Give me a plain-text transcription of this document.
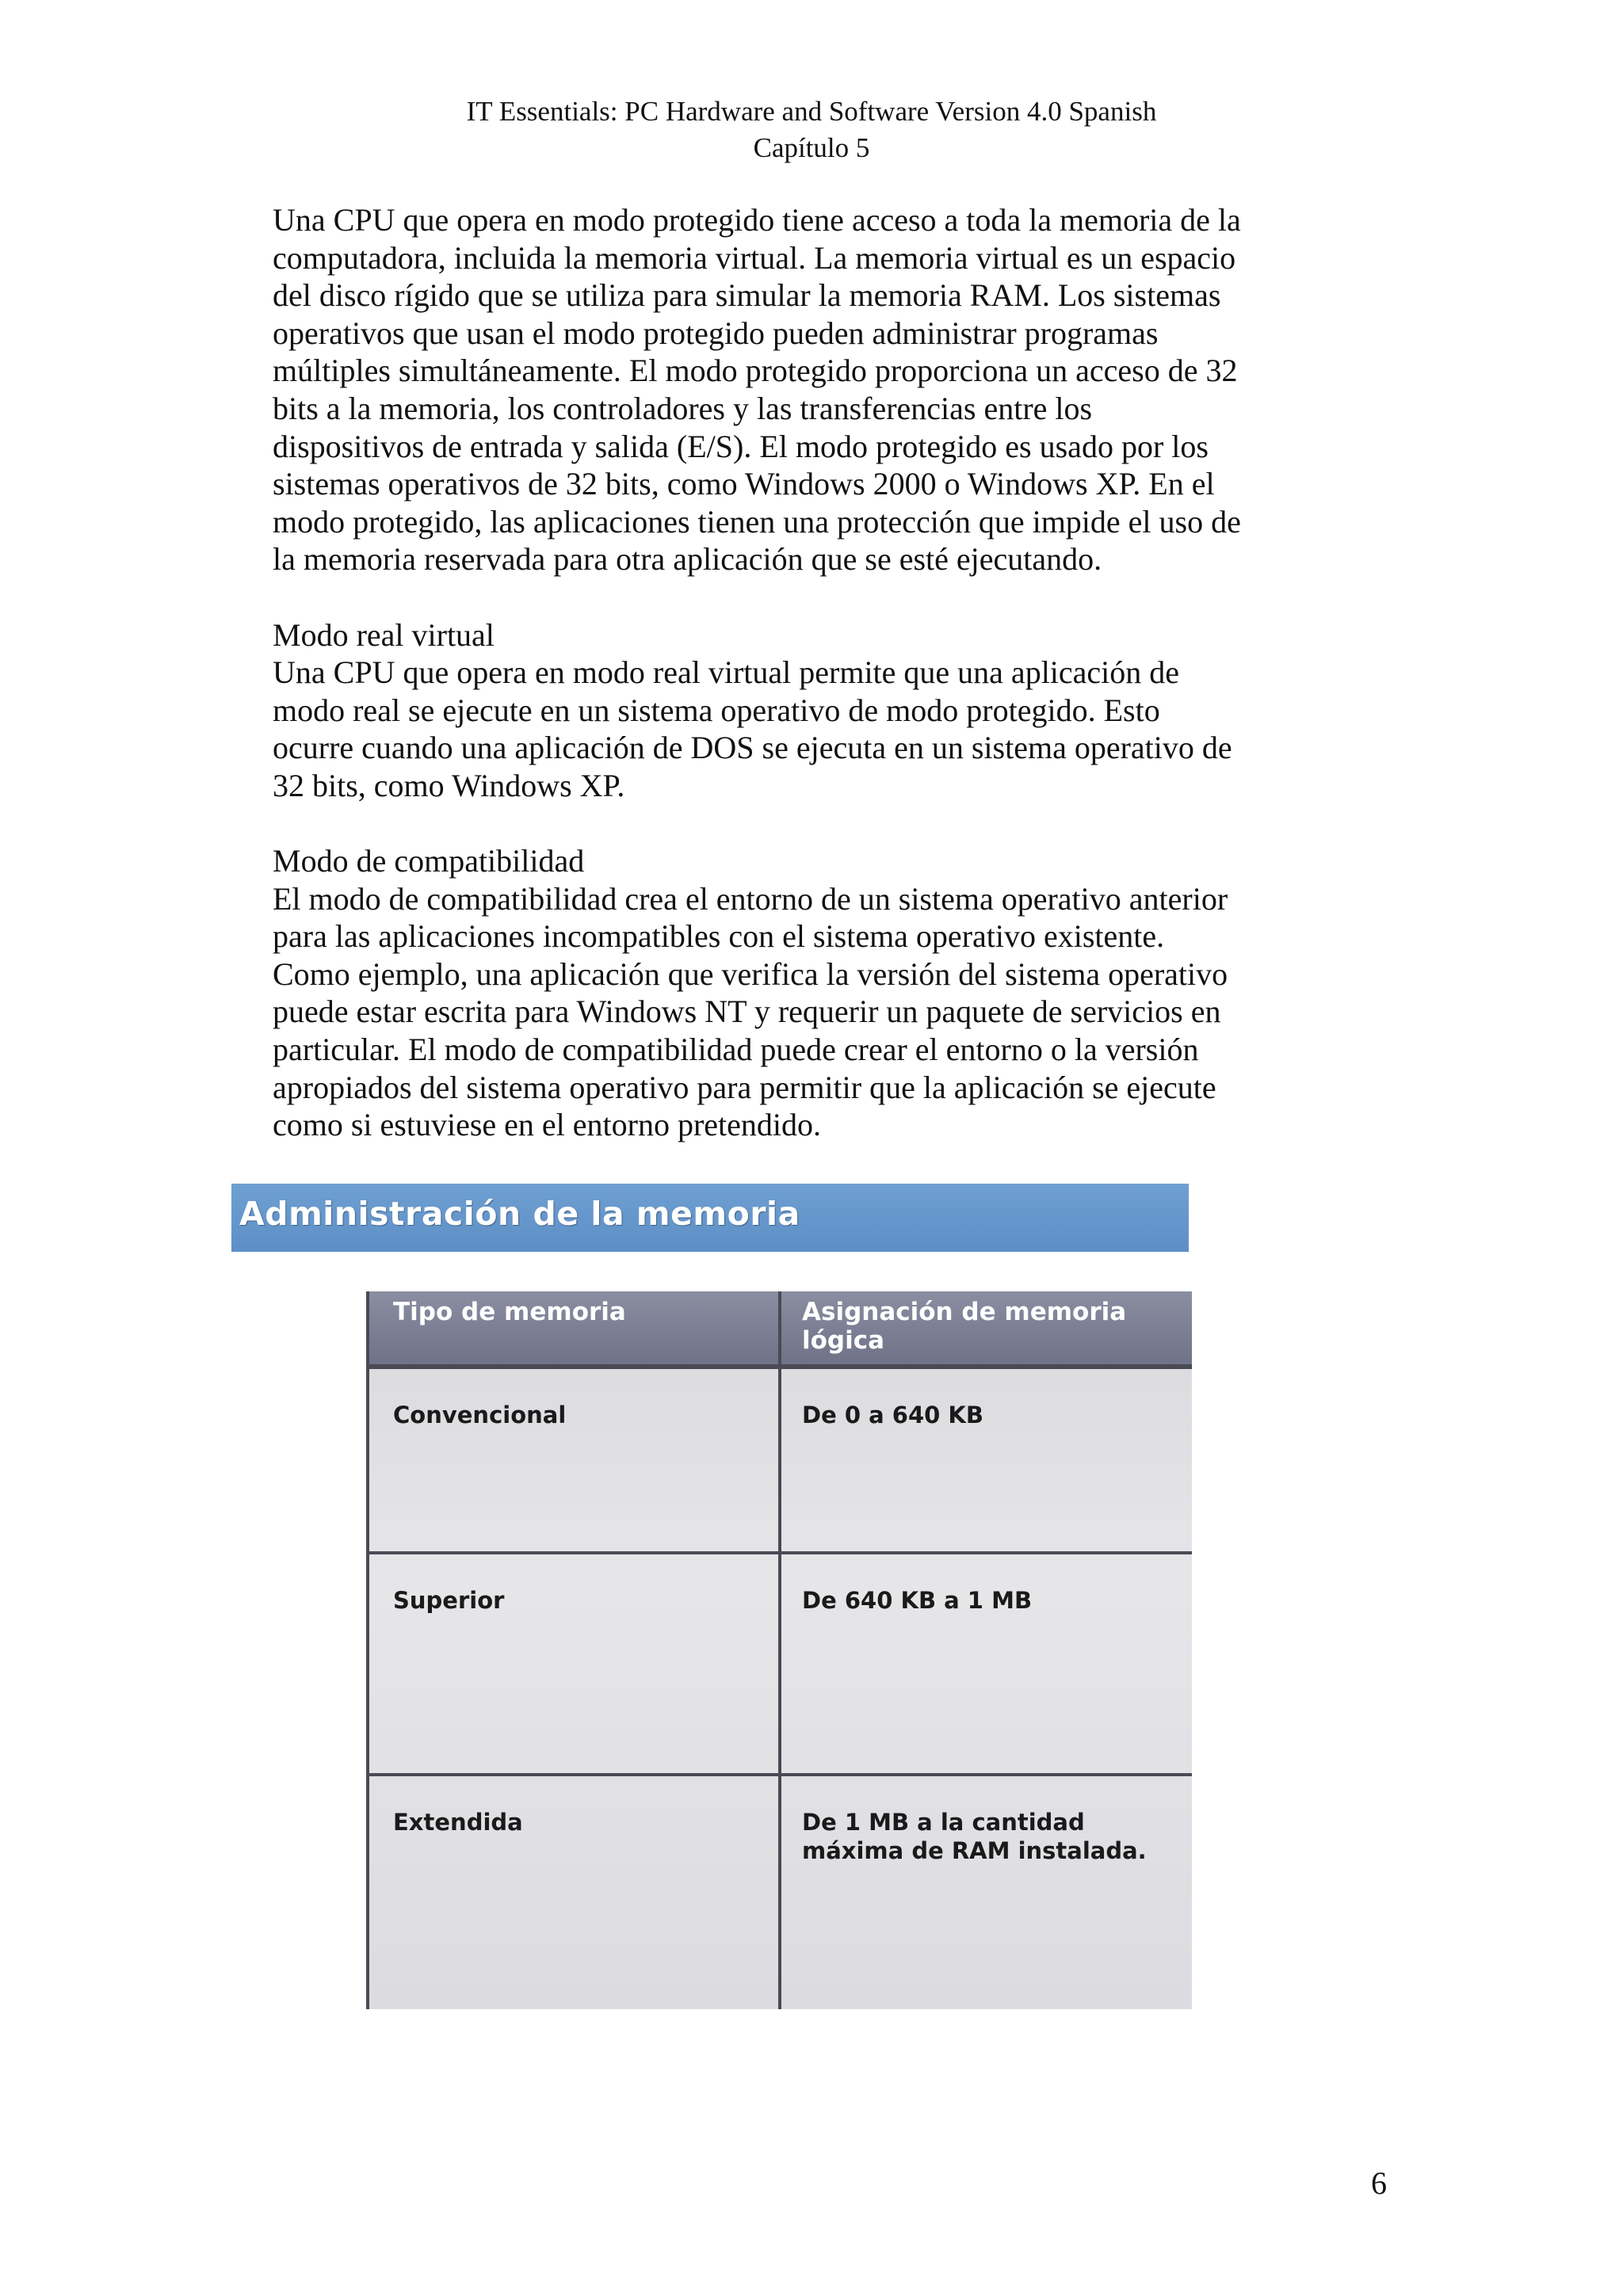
IT Essentials: PC Hardware and Software Version 4.0 Spanish
Capítulo 5

Una CPU que opera en modo protegido tiene acceso a toda la memoria de la
computadora, incluida la memoria virtual. La memoria virtual es un espacio
del disco rígido que se utiliza para simular la memoria RAM. Los sistemas
operativos que usan el modo protegido pueden administrar programas
múltiples simultáneamente. El modo protegido proporciona un acceso de 32
bits a la memoria, los controladores y las transferencias entre los
dispositivos de entrada y salida (E/S). El modo protegido es usado por los
sistemas operativos de 32 bits, como Windows 2000 o Windows XP. En el
modo protegido, las aplicaciones tienen una protección que impide el uso de
la memoria reservada para otra aplicación que se esté ejecutando.

Modo real virtual
Una CPU que opera en modo real virtual permite que una aplicación de
modo real se ejecute en un sistema operativo de modo protegido. Esto
ocurre cuando una aplicación de DOS se ejecuta en un sistema operativo de
32 bits, como Windows XP.

Modo de compatibilidad
El modo de compatibilidad crea el entorno de un sistema operativo anterior
para las aplicaciones incompatibles con el sistema operativo existente.
Como ejemplo, una aplicación que verifica la versión del sistema operativo
puede estar escrita para Windows NT y requerir un paquete de servicios en
particular. El modo de compatibilidad puede crear el entorno o la versión
apropiados del sistema operativo para permitir que la aplicación se ejecute
como si estuviese en el entorno pretendido.

Administración de la memoria
Tipo de memoria	Asignación de memoria lógica
Convencional	De 0 a 640 KB
Superior	De 640 KB a 1 MB
Extendida	De 1 MB a la cantidad máxima de RAM instalada.
6
